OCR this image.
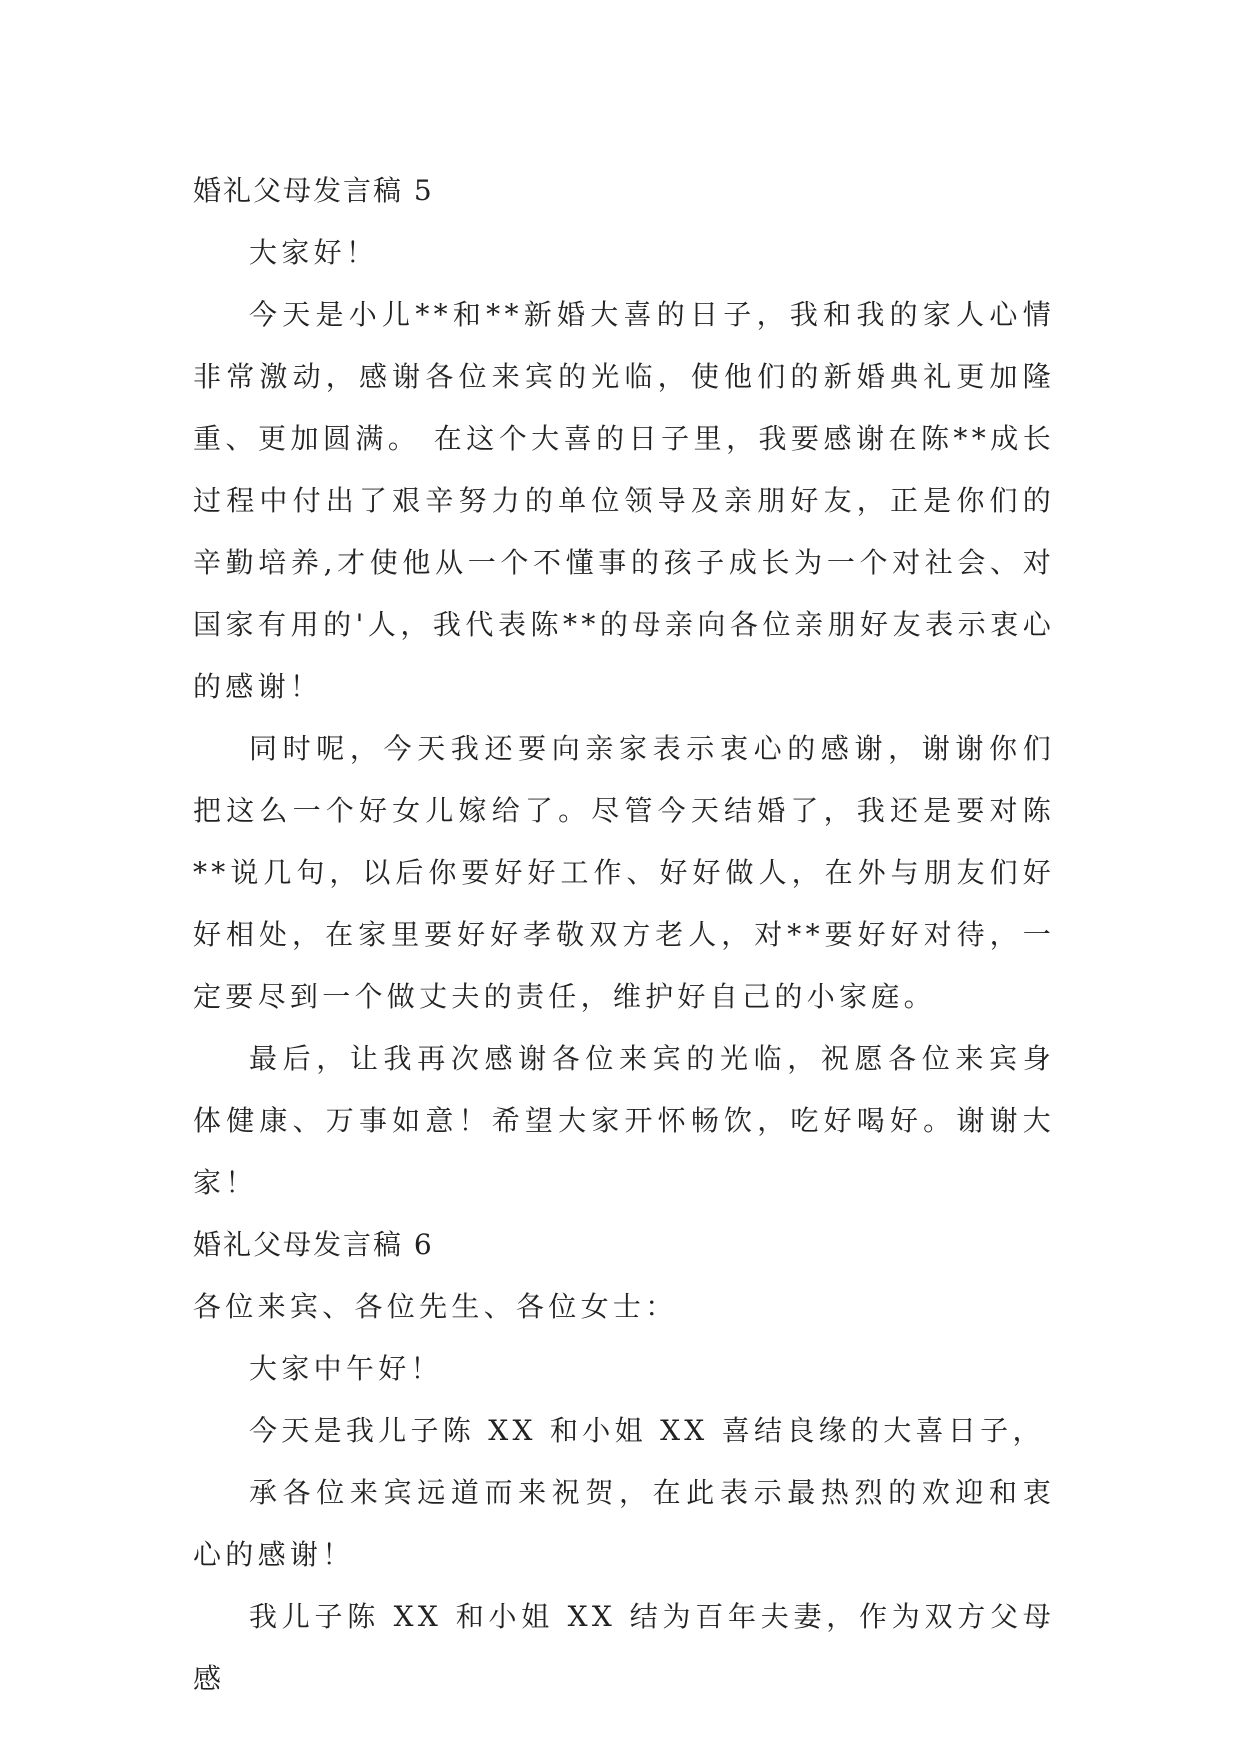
婚礼父母发言稿 5

大家好！

今天是小儿**和**新婚大喜的日子，我和我的家人心情非常激动，感谢各位来宾的光临，使他们的新婚典礼更加隆重、更加圆满。 在这个大喜的日子里，我要感谢在陈**成长过程中付出了艰辛努力的单位领导及亲朋好友，正是你们的辛勤培养,才使他从一个不懂事的孩子成长为一个对社会、对国家有用的'人，我代表陈**的母亲向各位亲朋好友表示衷心的感谢！

同时呢，今天我还要向亲家表示衷心的感谢，谢谢你们把这么一个好女儿嫁给了。尽管今天结婚了，我还是要对陈**说几句，以后你要好好工作、好好做人，在外与朋友们好好相处，在家里要好好孝敬双方老人，对**要好好对待，一定要尽到一个做丈夫的责任，维护好自己的小家庭。

最后，让我再次感谢各位来宾的光临，祝愿各位来宾身体健康、万事如意！希望大家开怀畅饮，吃好喝好。谢谢大家！

婚礼父母发言稿 6

各位来宾、各位先生、各位女士：

大家中午好！

今天是我儿子陈 XX 和小姐 XX 喜结良缘的大喜日子，

承各位来宾远道而来祝贺，在此表示最热烈的欢迎和衷心的感谢！

我儿子陈 XX 和小姐 XX 结为百年夫妻，作为双方父母感
